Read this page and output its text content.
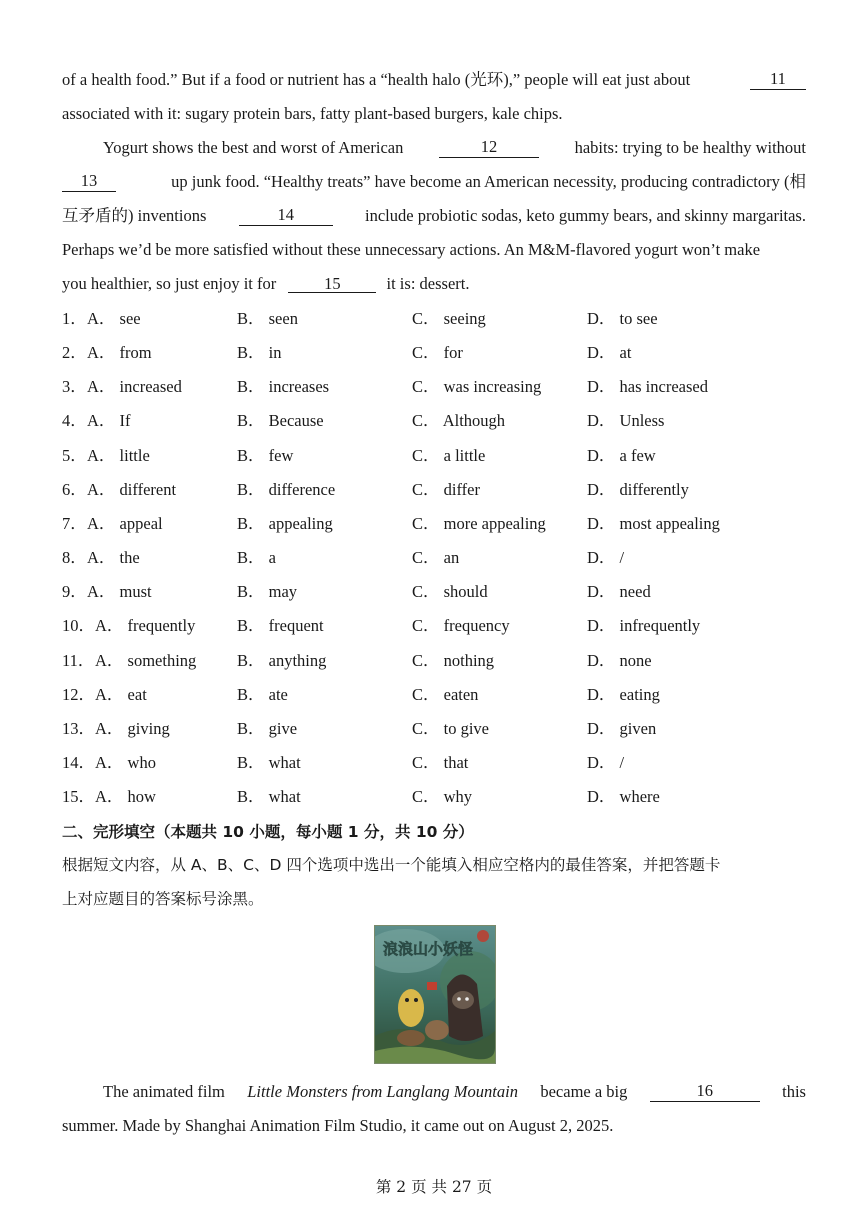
of a health food.” But if a food or nutrient has a “health halo (光环),” people will eat just about	11
associated with it: sugary protein bars, fatty plant-based burgers, kale chips.
Yogurt shows the best and worst of American	12	habits: trying to be healthy without
13	up junk food. “Healthy treats” have become an American necessity, producing contradictory (相
互矛盾的) inventions	14	include probiotic sodas, keto gummy bears, and skinny margaritas.
Perhaps we’d be more satisfied without these unnecessary actions. An M&M-flavored yogurt won’t make
you healthier, so just enjoy it for	15	it is: dessert.
1． A． see	B． seen	C． seeing	D． to see
2． A． from	B． in	C． for	D． at
3． A． increased	B． increases	C． was increasing	D． has increased
4． A． If	B． Because	C． Although	D． Unless
5． A． little	B． few	C． a little	D． a few
6． A． different	B． difference	C． differ	D． differently
7． A． appeal	B． appealing	C． more appealing D． most appealing
8． A． the	B． a	C． an	D． /
9． A． must	B． may	C． should	D． need
10． A． frequently	B． frequent	C． frequency	D． infrequently
11． A． something B． anything	C． nothing	D． none
12． A． eat	B． ate	C． eaten	D． eating
13． A． giving	B． give	C． to give	D． given
14． A． who	B． what	C． that	D． /
15． A． how	B． what	C． why	D． where
二、完形填空（本题共 10 小题，每小题 1 分，共 10 分）
根据短文内容，从 A、B、C、D 四个选项中选出一个能填入相应空格内的最佳答案，并把答题卡
上对应题目的答案标号涂黑。
浪浪山小妖怪
The animated film Little Monsters from Langlang Mountain became a big	16	this
summer. Made by Shanghai Animation Film Studio, it came out on August 2, 2025.
第 2 页 共 27 页
